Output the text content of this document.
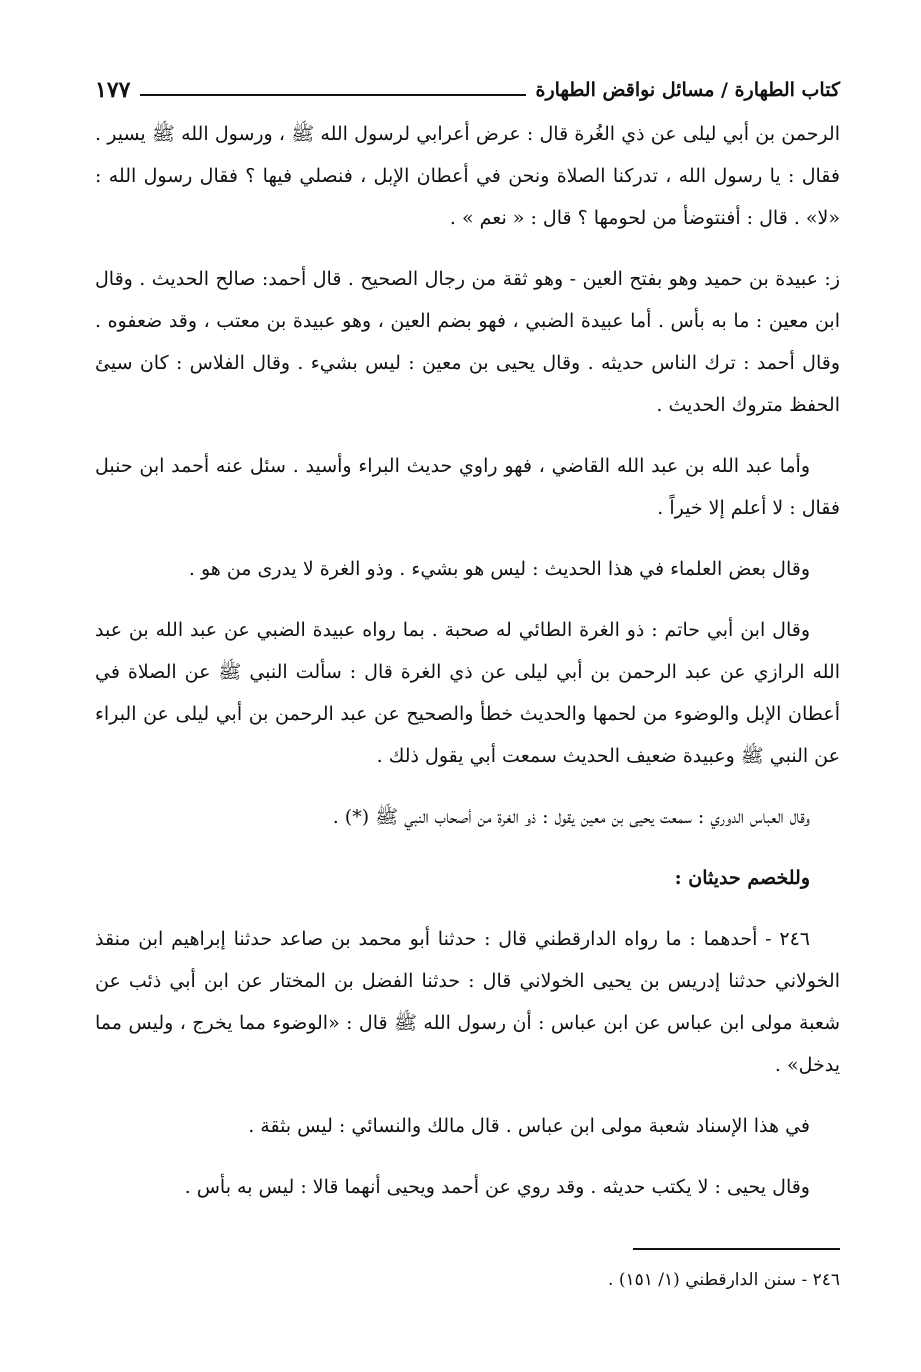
كتاب الطهارة / مسائل نواقض الطهارة
١٧٧

الرحمن بن أبي ليلى عن ذي الغُرة قال : عرض أعرابي لرسول الله ﷺ ، ورسول الله ﷺ يسير . فقال : يا رسول الله ، تدركنا الصلاة ونحن في أعطان الإبل ، فنصلي فيها ؟ فقال رسول الله : «لا» . قال : أفنتوضأ من لحومها ؟ قال : « نعم » .

ز: عبيدة بن حميد وهو بفتح العين - وهو ثقة من رجال الصحيح . قال أحمد: صالح الحديث . وقال ابن معين : ما به بأس . أما عبيدة الضبي ، فهو بضم العين ، وهو عبيدة بن معتب ، وقد ضعفوه . وقال أحمد : ترك الناس حديثه . وقال يحيى بن معين : ليس بشيء . وقال الفلاس : كان سيئ الحفظ متروك الحديث .

وأما عبد الله بن عبد الله القاضي ، فهو راوي حديث البراء وأسيد . سئل عنه أحمد ابن حنبل فقال : لا أعلم إلا خيراً .

وقال بعض العلماء في هذا الحديث : ليس هو بشيء . وذو الغرة لا يدرى من هو .

وقال ابن أبي حاتم : ذو الغرة الطائي له صحبة . بما رواه عبيدة الضبي عن عبد الله بن عبد الله الرازي عن عبد الرحمن بن أبي ليلى عن ذي الغرة قال : سألت النبي ﷺ عن الصلاة في أعطان الإبل والوضوء من لحمها والحديث خطأ والصحيح عن عبد الرحمن بن أبي ليلى عن البراء عن النبي ﷺ وعبيدة ضعيف الحديث سمعت أبي يقول ذلك .

وقال العباس الدوري : سمعت يحيى بن معين يقول : ذو الغرة من أصحاب النبي ﷺ (*) .

وللخصم حديثان :

٢٤٦ - أحدهما : ما رواه الدارقطني قال : حدثنا أبو محمد بن صاعد حدثنا إبراهيم ابن منقذ الخولاني حدثنا إدريس بن يحيى الخولاني قال : حدثنا الفضل بن المختار عن ابن أبي ذئب عن شعبة مولى ابن عباس عن ابن عباس : أن رسول الله ﷺ قال : «الوضوء مما يخرج ، وليس مما يدخل» .

في هذا الإسناد شعبة مولى ابن عباس . قال مالك والنسائي : ليس بثقة .

وقال يحيى : لا يكتب حديثه . وقد روي عن أحمد ويحيى أنهما قالا : ليس به بأس .

٢٤٦ - سنن الدارقطني (١/ ١٥١) .
